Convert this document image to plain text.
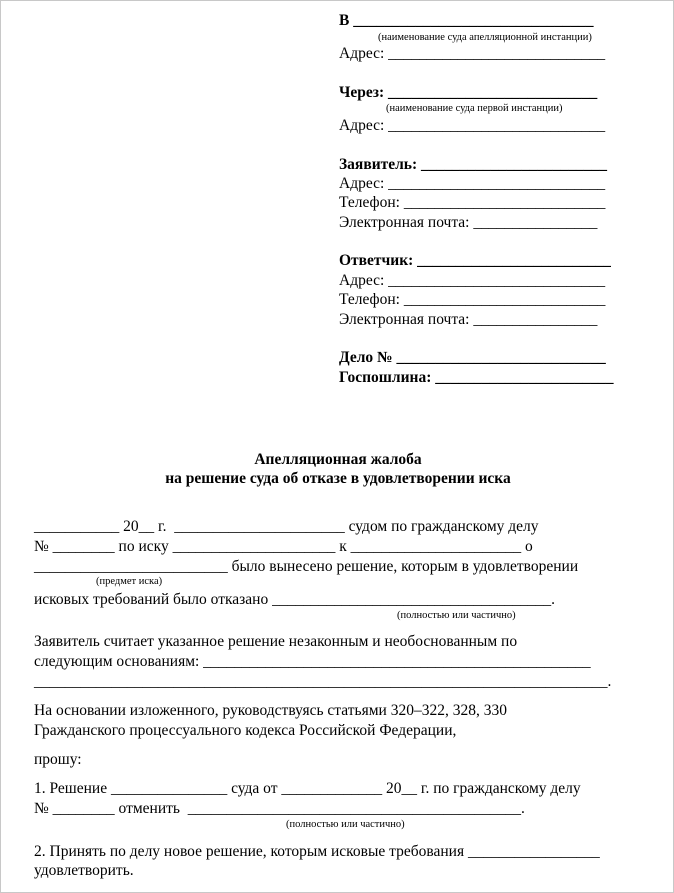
В _______________________________
(наименование суда апелляционной инстанции)
Адрес: ____________________________
Через: ___________________________
(наименование суда первой инстанции)
Адрес: ____________________________
Заявитель: ________________________
Адрес: ____________________________
Телефон: __________________________
Электронная почта: ________________
Ответчик: _________________________
Адрес: ____________________________
Телефон: __________________________
Электронная почта: ________________
Дело № ___________________________
Госпошлина: _______________________
Апелляционная жалоба
на решение суда об отказе в удовлетворении иска
___________ 20__ г.  ______________________ судом по гражданскому делу
№ ________ по иску _____________________ к ______________________ о
_________________________ было вынесено решение, которым в удовлетворении
(предмет иска)
исковых требований было отказано ____________________________________.
(полностью или частично)
Заявитель считает указанное решение незаконным и необоснованным по
следующим основаниям: __________________________________________________
__________________________________________________________________________.
На основании изложенного, руководствуясь статьями 320–322, 328, 330
Гражданского процессуального кодекса Российской Федерации,
прошу:
1. Решение _______________ суда от _____________ 20__ г. по гражданскому делу
№ ________ отменить  ___________________________________________.
(полностью или частично)
2. Принять по делу новое решение, которым исковые требования _________________
удовлетворить.
